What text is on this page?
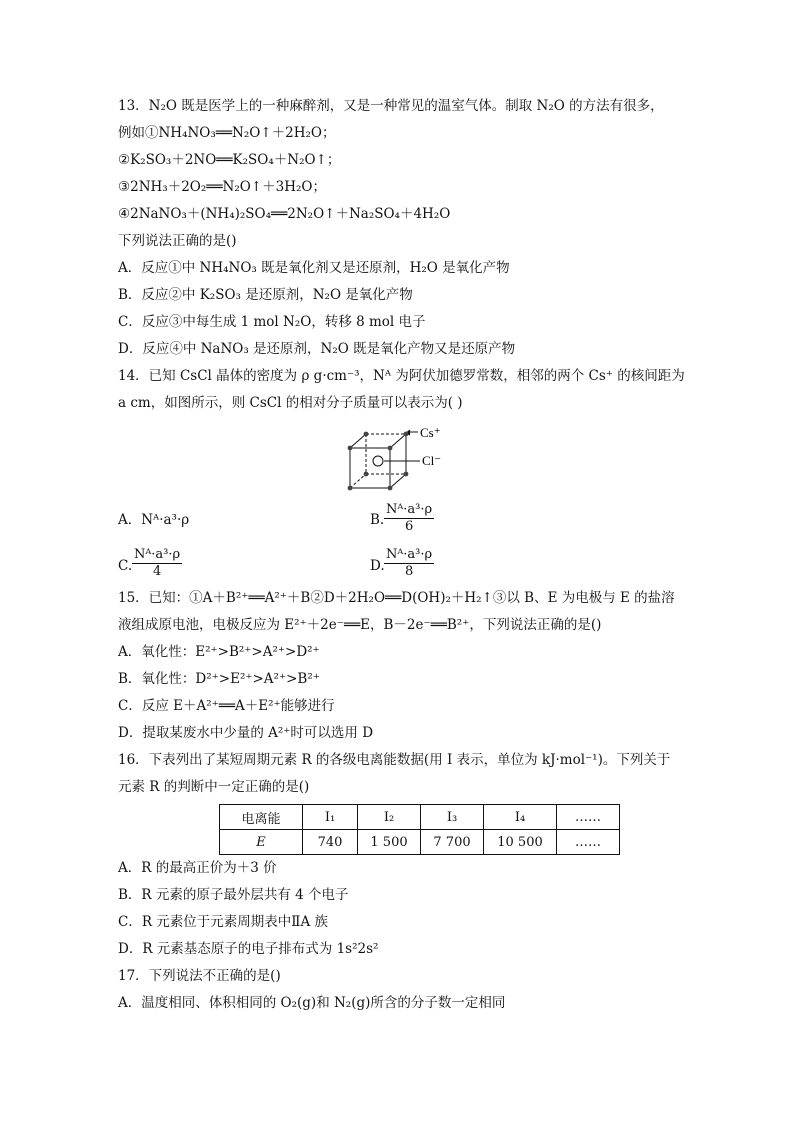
13．N₂O 既是医学上的一种麻醉剂，又是一种常见的温室气体。制取 N₂O 的方法有很多，
例如①NH₄NO₃══N₂O↑＋2H₂O；
②K₂SO₃＋2NO══K₂SO₄＋N₂O↑；
③2NH₃＋2O₂══N₂O↑＋3H₂O；
④2NaNO₃＋(NH₄)₂SO₄══2N₂O↑＋Na₂SO₄＋4H₂O
下列说法正确的是()
A．反应①中 NH₄NO₃ 既是氧化剂又是还原剂，H₂O 是氧化产物
B．反应②中 K₂SO₃ 是还原剂，N₂O 是氧化产物
C．反应③中每生成 1 mol N₂O，转移 8 mol 电子
D．反应④中 NaNO₃ 是还原剂，N₂O 既是氧化产物又是还原产物
14．已知 CsCl 晶体的密度为 ρ g·cm⁻³，Nᴬ 为阿伏加德罗常数，相邻的两个 Cs⁺ 的核间距为
a cm，如图所示，则 CsCl 的相对分子质量可以表示为( )
Cs⁺
Cl⁻
A．Nᴬ·a³·ρ	B. $\frac{\text{Nᴬ·a³·ρ}}{6}$
C. $\frac{\text{Nᴬ·a³·ρ}}{4}$	D. $\frac{\text{Nᴬ·a³·ρ}}{8}$
15．已知：①A＋B²⁺══A²⁺＋B②D＋2H₂O══D(OH)₂＋H₂↑③以 B、E 为电极与 E 的盐溶
液组成原电池，电极反应为 E²⁺＋2e⁻══E，B－2e⁻══B²⁺，下列说法正确的是()
A．氧化性：E²⁺>B²⁺>A²⁺>D²⁺
B．氧化性：D²⁺>E²⁺>A²⁺>B²⁺
C．反应 E＋A²⁺══A＋E²⁺能够进行
D．提取某废水中少量的 A²⁺时可以选用 D
16．下表列出了某短周期元素 R 的各级电离能数据(用 I 表示，单位为 kJ·mol⁻¹)。下列关于
元素 R 的判断中一定正确的是()
电离能	I₁	I₂	I₃	I₄	……
E	740	1 500	7 700	10 500	……
A．R 的最高正价为＋3 价
B．R 元素的原子最外层共有 4 个电子
C．R 元素位于元素周期表中ⅡA 族
D．R 元素基态原子的电子排布式为 1s²2s²
17．下列说法不正确的是()
A．温度相同、体积相同的 O₂(g)和 N₂(g)所含的分子数一定相同
